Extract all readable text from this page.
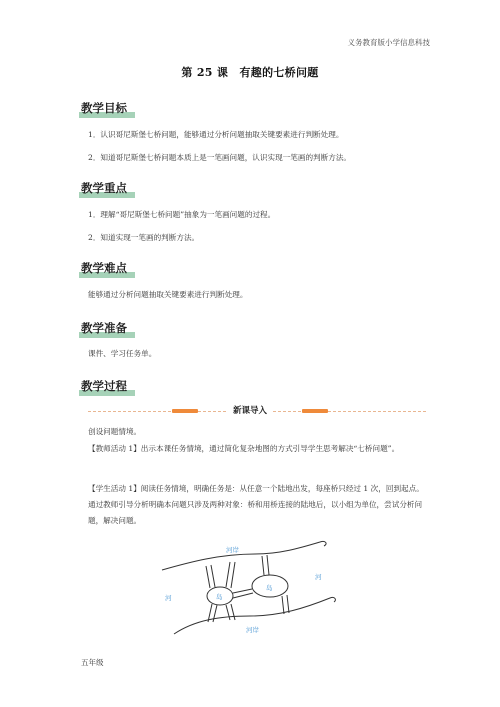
义务教育版小学信息科技
第 25 课　有趣的七桥问题
教学目标
1．认识哥尼斯堡七桥问题，能够通过分析问题抽取关键要素进行判断处理。
2．知道哥尼斯堡七桥问题本质上是一笔画问题，认识实现一笔画的判断方法。
教学重点
1．理解“哥尼斯堡七桥问题”抽象为一笔画问题的过程。
2．知道实现一笔画的判断方法。
教学难点
能够通过分析问题抽取关键要素进行判断处理。
教学准备
课件、学习任务单。
教学过程
新课导入
创设问题情境。
【教师活动 1】出示本课任务情境，通过简化复杂地图的方式引导学生思考解决“七桥问题”。
【学生活动 1】阅读任务情境，明确任务是：从任意一个陆地出发，每座桥只经过 1 次，回到起点。通过教师引导分析明确本问题只涉及两种对象：桥和用桥连接的陆地后，以小组为单位，尝试分析问题，解决问题。
河岸
河岸
河
河
岛
岛
五年级
